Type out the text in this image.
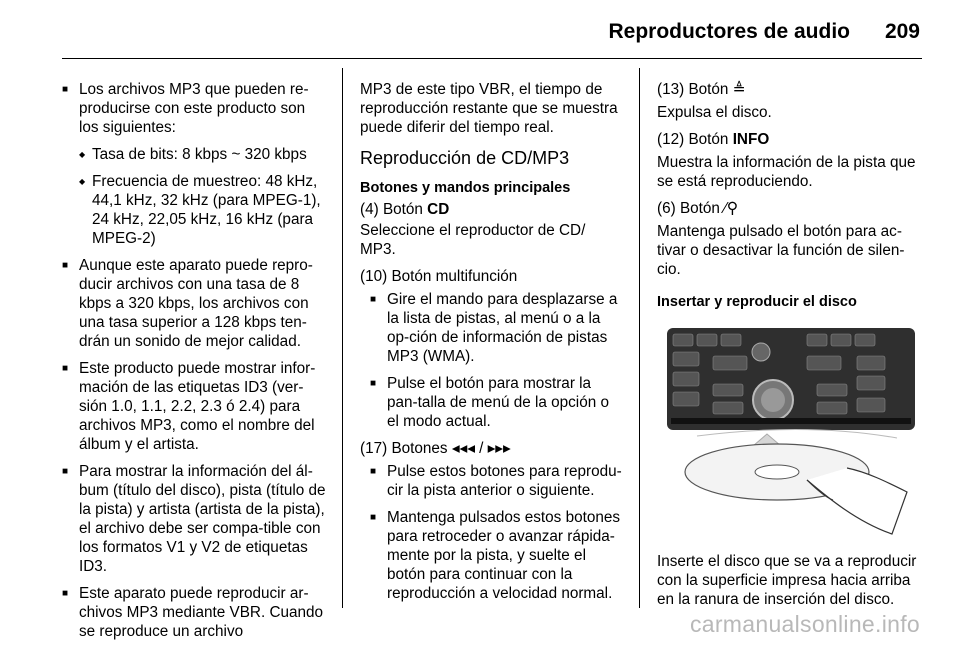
Reproductores de audio 209
■ Los archivos MP3 que pueden re-producirse con este producto son los siguientes:
◆ Tasa de bits: 8 kbps ~ 320 kbps
◆ Frecuencia de muestreo: 48 kHz, 44,1 kHz, 32 kHz (para MPEG-1), 24 kHz, 22,05 kHz, 16 kHz (para MPEG-2)
■ Aunque este aparato puede repro-ducir archivos con una tasa de 8 kbps a 320 kbps, los archivos con una tasa superior a 128 kbps ten-drán un sonido de mejor calidad.
■ Este producto puede mostrar infor-mación de las etiquetas ID3 (ver-sión 1.0, 1.1, 2.2, 2.3 ó 2.4) para archivos MP3, como el nombre del álbum y el artista.
■ Para mostrar la información del ál-bum (título del disco), pista (título de la pista) y artista (artista de la pista), el archivo debe ser compa-tible con los formatos V1 y V2 de etiquetas ID3.
■ Este aparato puede reproducir ar-chivos MP3 mediante VBR. Cuando se reproduce un archivo

MP3 de este tipo VBR, el tiempo de reproducción restante que se muestra puede diferir del tiempo real.

Reproducción de CD/MP3
Botones y mandos principales

(4) Botón CD

Seleccione el reproductor de CD/ MP3.

(10) Botón multifunción

■ Gire el mando para desplazarse a la lista de pistas, al menú o a la op-ción de información de pistas MP3 (WMA).
■ Pulse el botón para mostrar la pan-talla de menú de la opción o el modo actual.

(17) Botones ◂◂◂ / ▸▸▸

■ Pulse estos botones para reprodu-cir la pista anterior o siguiente.
■ Mantenga pulsados estos botones para retroceder o avanzar rápida-mente por la pista, y suelte el botón para continuar con la reproducción a velocidad normal.

(13) Botón ≜

Expulsa el disco.

(12) Botón INFO

Muestra la información de la pista que se está reproduciendo.

(6) Botón ⁄⚲

Mantenga pulsado el botón para ac-tivar o desactivar la función de silen-cio.

Insertar y reproducir el disco

Inserte el disco que se va a reproducir con la superficie impresa hacia arriba en la ranura de inserción del disco.

carmanualsonline.info
